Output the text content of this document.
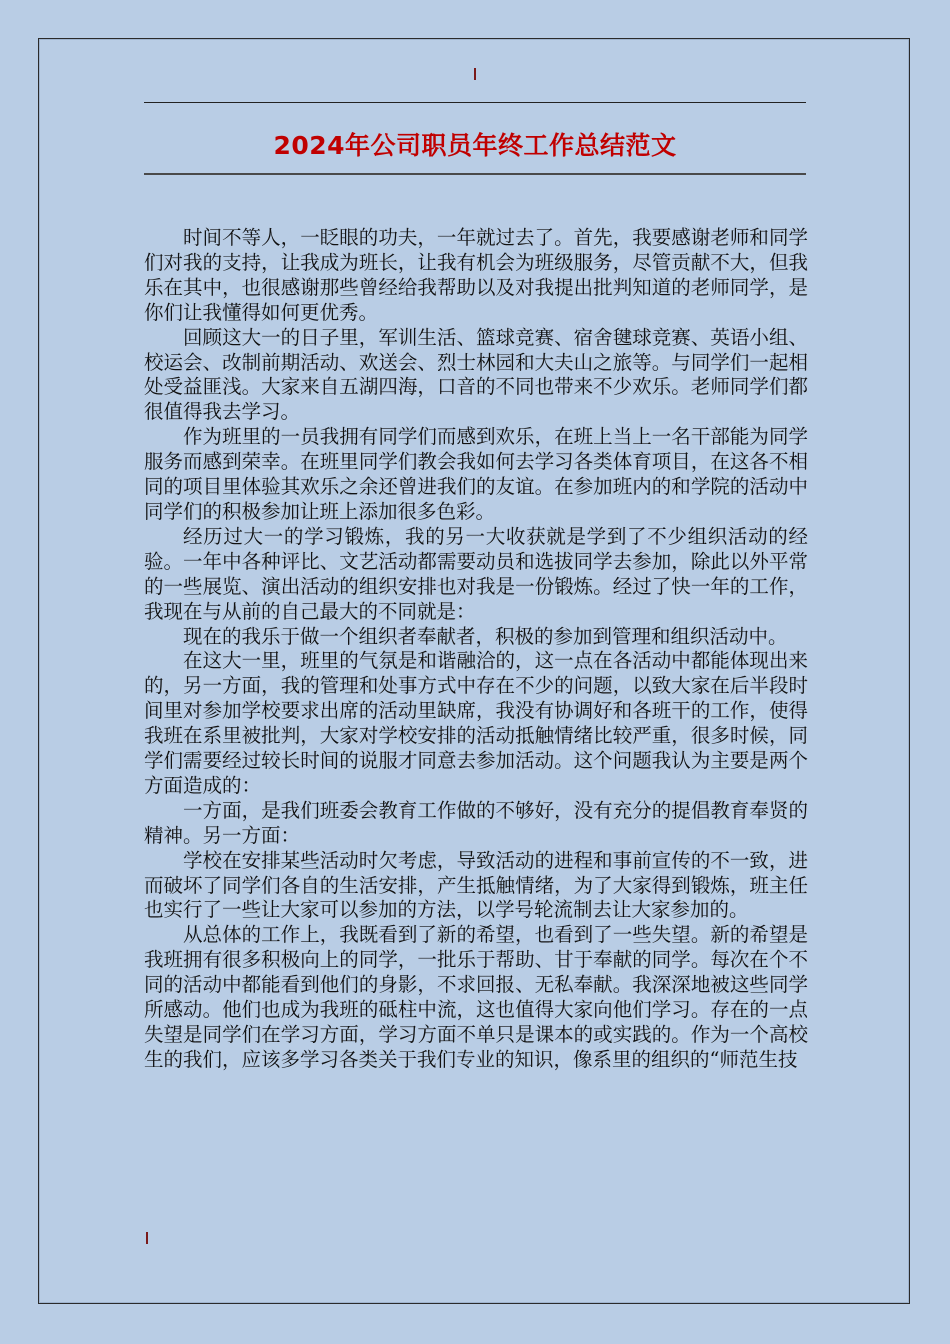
2024年公司职员年终工作总结范文

时间不等人，一眨眼的功夫，一年就过去了。首先，我要感谢老师和同学们对我的支持，让我成为班长，让我有机会为班级服务，尽管贡献不大，但我乐在其中，也很感谢那些曾经给我帮助以及对我提出批判知道的老师同学，是你们让我懂得如何更优秀。

回顾这大一的日子里，军训生活、篮球竞赛、宿舍毽球竞赛、英语小组、校运会、改制前期活动、欢送会、烈士林园和大夫山之旅等。与同学们一起相处受益匪浅。大家来自五湖四海，口音的不同也带来不少欢乐。老师同学们都很值得我去学习。

作为班里的一员我拥有同学们而感到欢乐，在班上当上一名干部能为同学服务而感到荣幸。在班里同学们教会我如何去学习各类体育项目，在这各不相同的项目里体验其欢乐之余还曾进我们的友谊。在参加班内的和学院的活动中同学们的积极参加让班上添加很多色彩。

经历过大一的学习锻炼，我的另一大收获就是学到了不少组织活动的经验。一年中各种评比、文艺活动都需要动员和选拔同学去参加，除此以外平常的一些展览、演出活动的组织安排也对我是一份锻炼。经过了快一年的工作，我现在与从前的自己最大的不同就是：

现在的我乐于做一个组织者奉献者，积极的参加到管理和组织活动中。

在这大一里，班里的气氛是和谐融洽的，这一点在各活动中都能体现出来的，另一方面，我的管理和处事方式中存在不少的问题，以致大家在后半段时间里对参加学校要求出席的活动里缺席，我没有协调好和各班干的工作，使得我班在系里被批判，大家对学校安排的活动抵触情绪比较严重，很多时候，同学们需要经过较长时间的说服才同意去参加活动。这个问题我认为主要是两个方面造成的：

一方面，是我们班委会教育工作做的不够好，没有充分的提倡教育奉贤的精神。另一方面：

学校在安排某些活动时欠考虑，导致活动的进程和事前宣传的不一致，进而破坏了同学们各自的生活安排，产生抵触情绪，为了大家得到锻炼，班主任也实行了一些让大家可以参加的方法，以学号轮流制去让大家参加的。

从总体的工作上，我既看到了新的希望，也看到了一些失望。新的希望是我班拥有很多积极向上的同学，一批乐于帮助、甘于奉献的同学。每次在个不同的活动中都能看到他们的身影，不求回报、无私奉献。我深深地被这些同学所感动。他们也成为我班的砥柱中流，这也值得大家向他们学习。存在的一点失望是同学们在学习方面，学习方面不单只是课本的或实践的。作为一个高校生的我们，应该多学习各类关于我们专业的知识，像系里的组织的“师范生技
